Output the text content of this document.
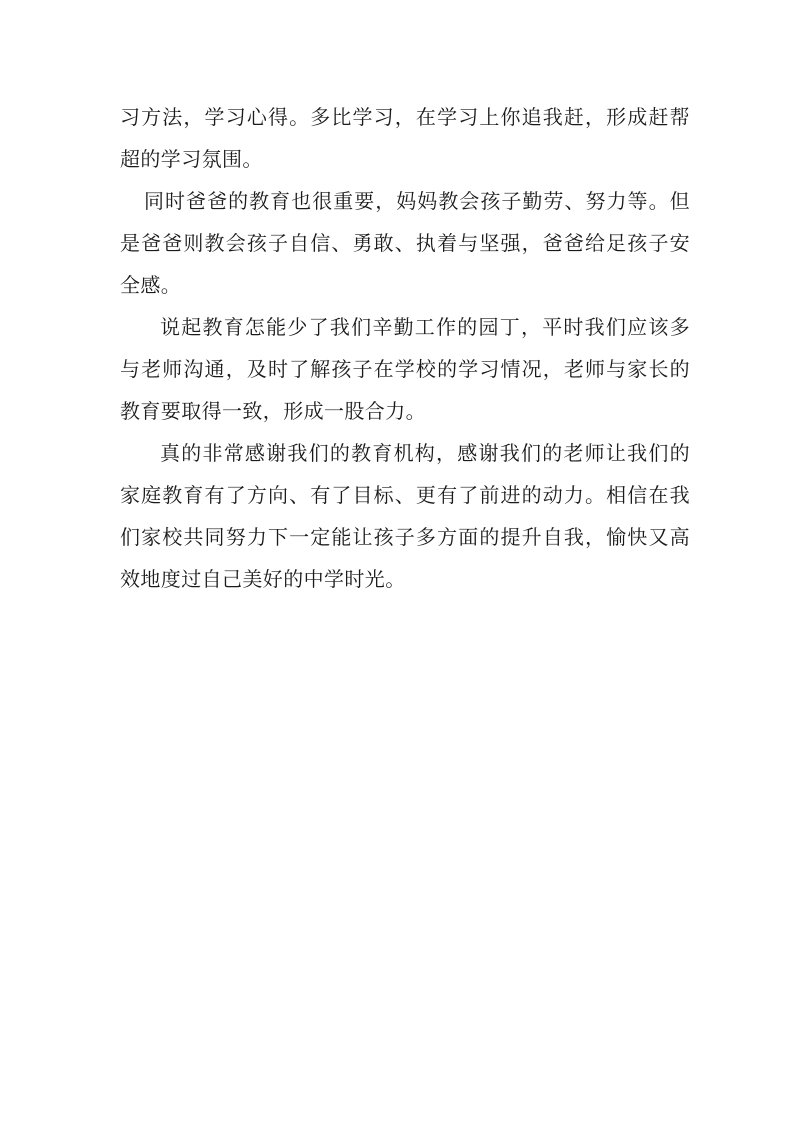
习方法，学习心得。多比学习，在学习上你追我赶，形成赶帮超的学习氛围。

同时爸爸的教育也很重要，妈妈教会孩子勤劳、努力等。但是爸爸则教会孩子自信、勇敢、执着与坚强，爸爸给足孩子安全感。

说起教育怎能少了我们辛勤工作的园丁，平时我们应该多与老师沟通，及时了解孩子在学校的学习情况，老师与家长的教育要取得一致，形成一股合力。

真的非常感谢我们的教育机构，感谢我们的老师让我们的家庭教育有了方向、有了目标、更有了前进的动力。相信在我们家校共同努力下一定能让孩子多方面的提升自我，愉快又高效地度过自己美好的中学时光。
